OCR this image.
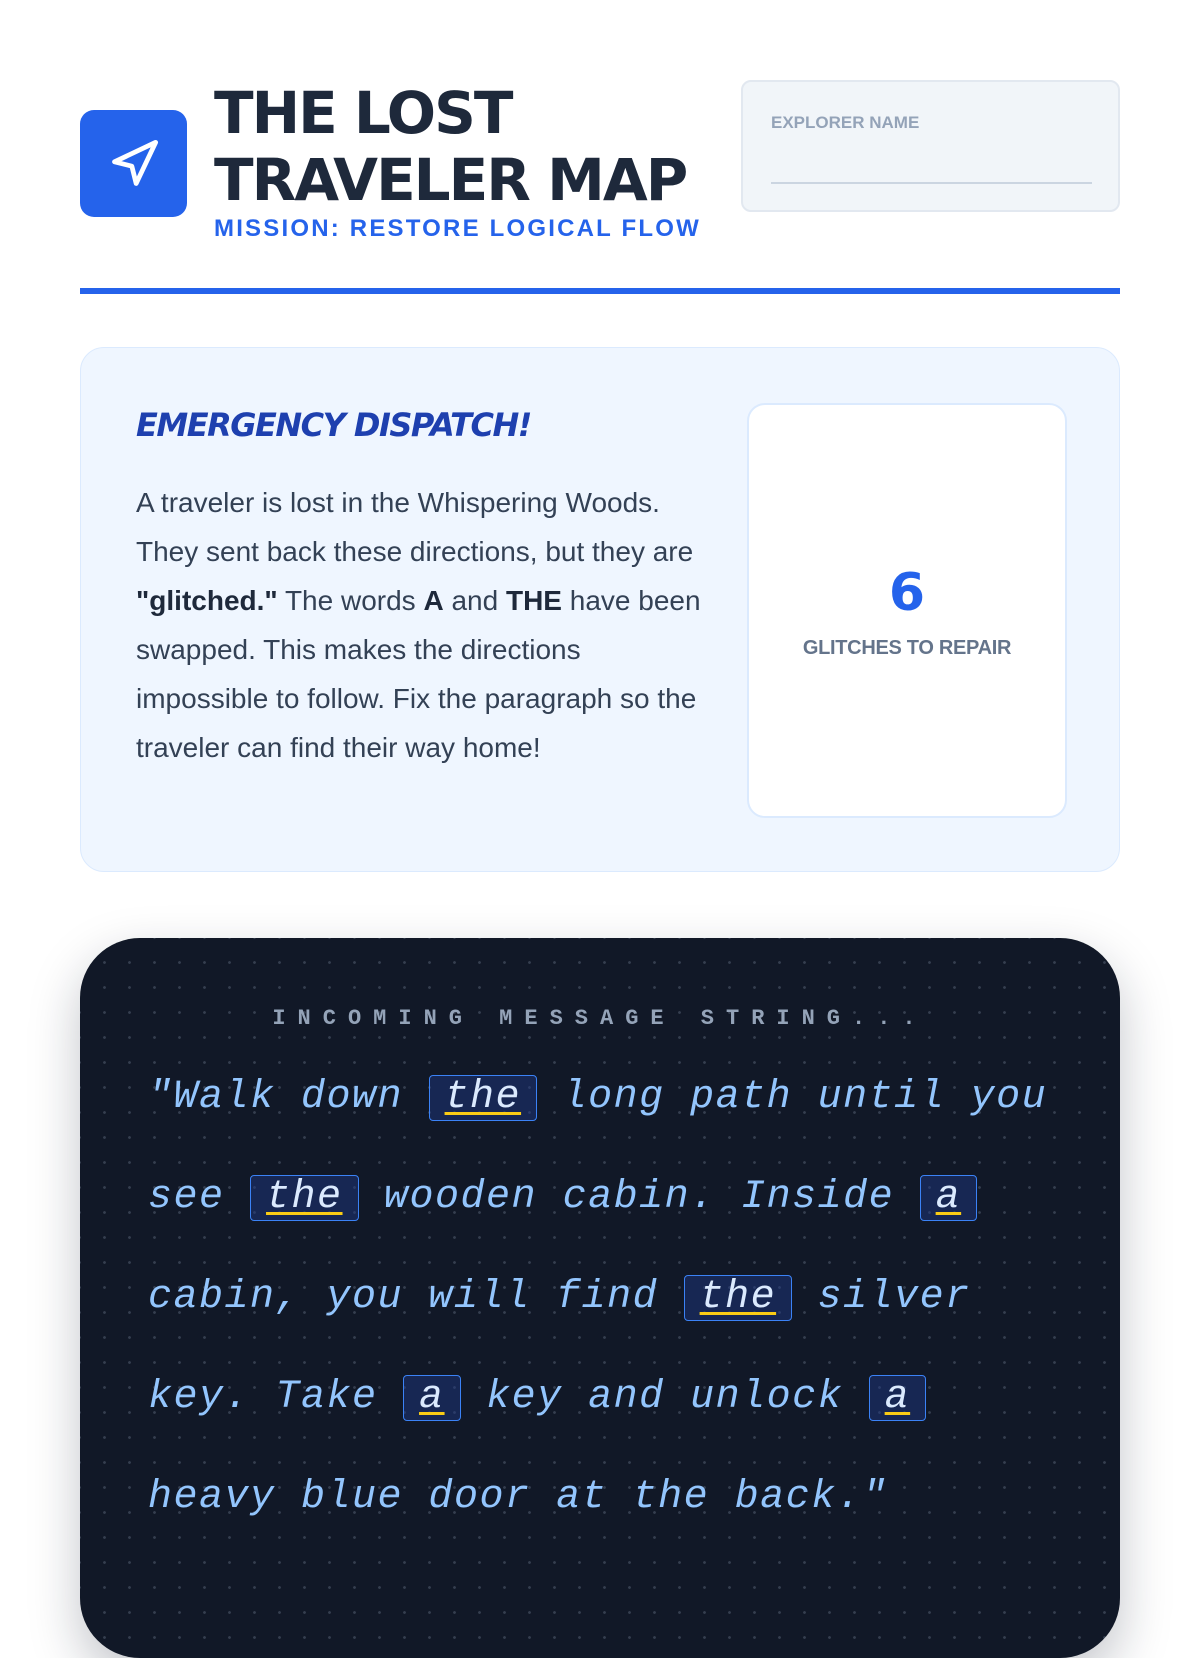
THE LOST TRAVELER MAP
MISSION: RESTORE LOGICAL FLOW
EXPLORER NAME
EMERGENCY DISPATCH!

A traveler is lost in the Whispering Woods. They sent back these directions, but they are "glitched." The words A and THE have been swapped. This makes the directions impossible to follow. Fix the paragraph so the traveler can find their way home!

6
GLITCHES TO REPAIR
INCOMING MESSAGE STRING...
"Walk down the long path until you see the wooden cabin. Inside a cabin, you will find the silver key. Take a key and unlock a heavy blue door at the back."
